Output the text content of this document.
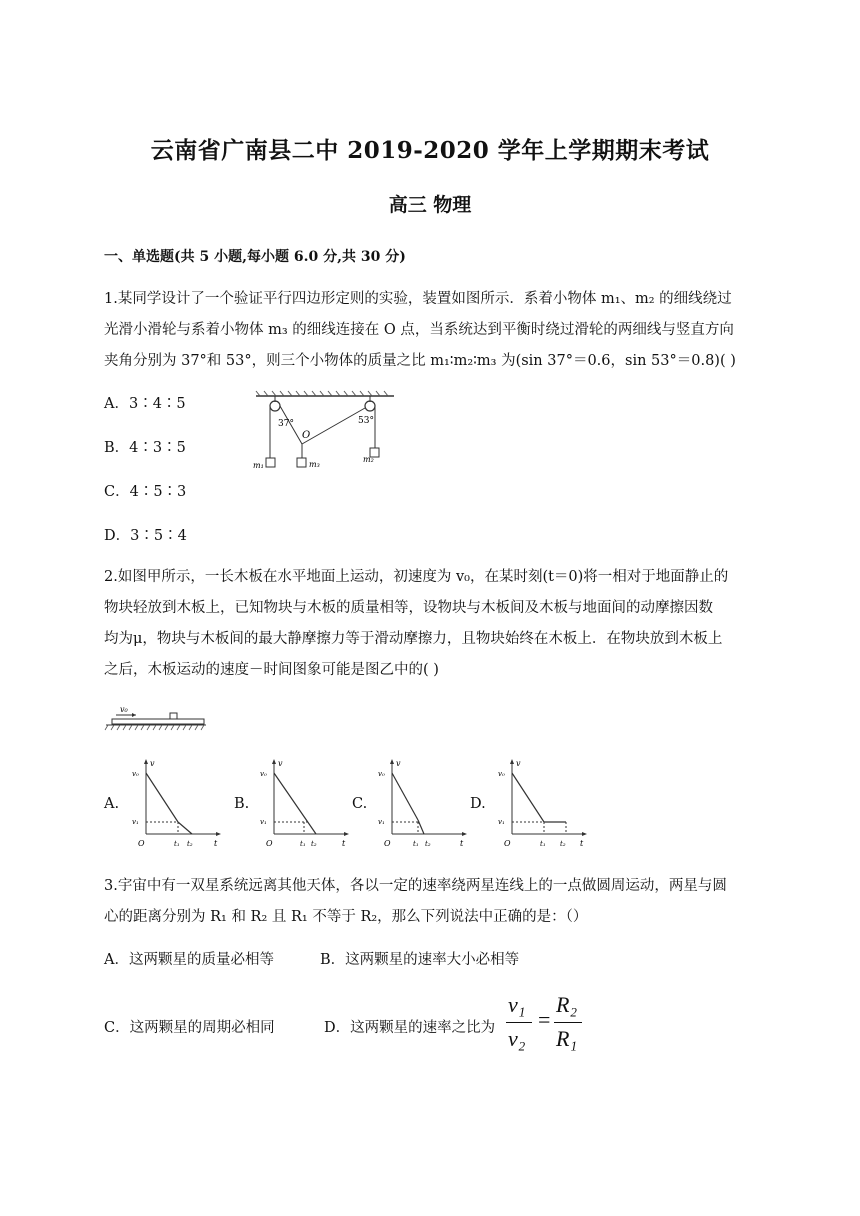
云南省广南县二中 2019-2020 学年上学期期末考试
高三 物理
一、单选题(共 5 小题,每小题 6.0 分,共 30 分)
1.某同学设计了一个验证平行四边形定则的实验，装置如图所示．系着小物体 m₁、m₂ 的细线绕过
光滑小滑轮与系着小物体 m₃ 的细线连接在 O 点，当系统达到平衡时绕过滑轮的两细线与竖直方向
夹角分别为 37°和 53°，则三个小物体的质量之比 m₁∶m₂∶m₃ 为(sin 37°＝0.6，sin 53°＝0.8)( )
A．3∶4∶5
B．4∶3∶5
C．4∶5∶3
D．3∶5∶4
37°	53°
O
m₁	m₃
m₂
2.如图甲所示，一长木板在水平地面上运动，初速度为 v₀，在某时刻(t＝0)将一相对于地面静止的
物块轻放到木板上，已知物块与木板的质量相等，设物块与木板间及木板与地面间的动摩擦因数
均为μ，物块与木板间的最大静摩擦力等于滑动摩擦力，且物块始终在木板上．在物块放到木板上
之后，木板运动的速度－时间图象可能是图乙中的( )
v₀
A.
v
v₀
v₁
O	t₁ t₂	t
B.
v
v₀
v₁
O	t₁ t₂	t
C.
v
v₀
v₁
O	t₁ t₂	t
D.
v
v₀
v₁
O	t₁ t₂ t
3.宇宙中有一双星系统远离其他天体，各以一定的速率绕两星连线上的一点做圆周运动，两星与圆
心的距离分别为 R₁ 和 R₂ 且 R₁ 不等于 R₂，那么下列说法中正确的是：（）
A．这两颗星的质量必相等	B．这两颗星的速率大小必相等
C．这两颗星的周期必相同	D．这两颗星的速率之比为
v₁
v₂
=
R₂
R₁
